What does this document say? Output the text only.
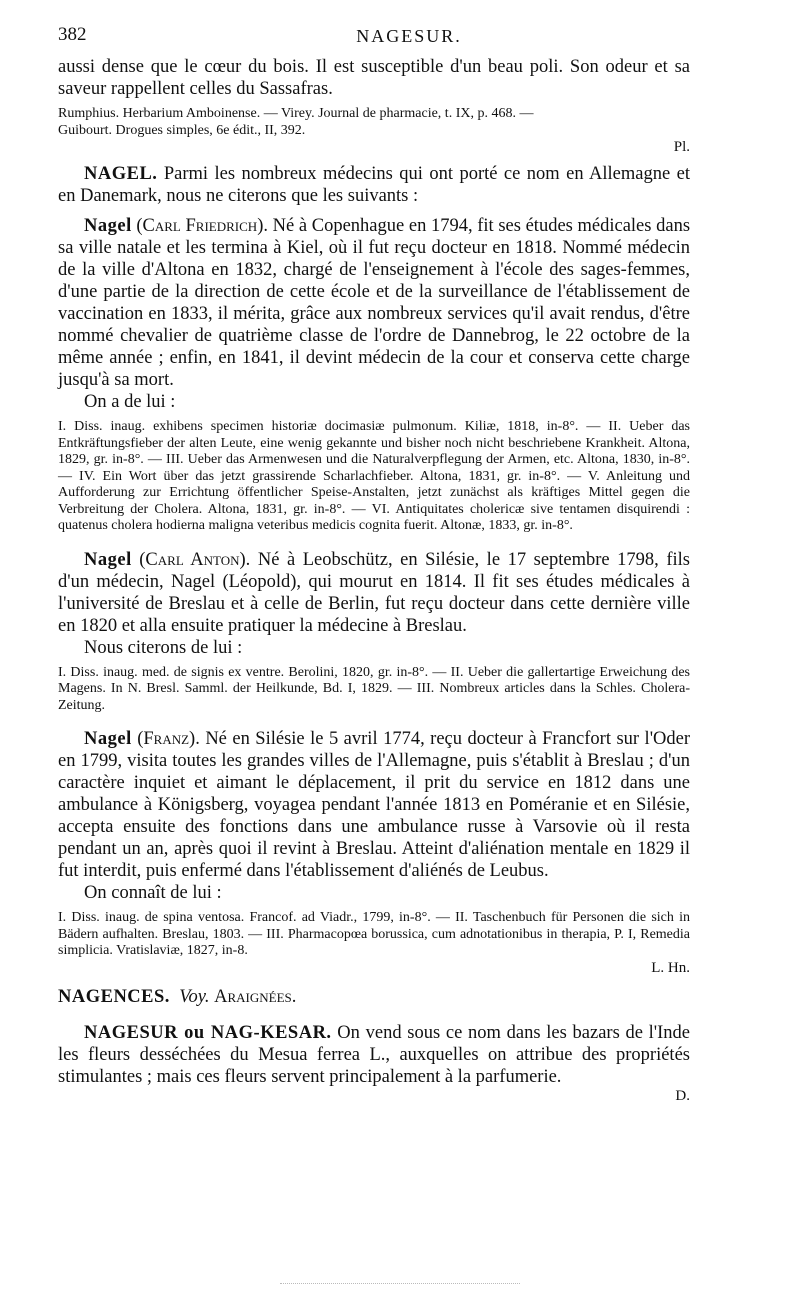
382	NAGESUR.

aussi dense que le cœur du bois. Il est susceptible d'un beau poli. Son odeur et sa saveur rappellent celles du Sassafras.

Rumphius. Herbarium Amboinense. — Virey. Journal de pharmacie, t. IX, p. 468. —

Guibourt. Drogues simples, 6e édit., II, 392.

Pl.

NAGEL. Parmi les nombreux médecins qui ont porté ce nom en Allemagne et en Danemark, nous ne citerons que les suivants :

Nagel (Carl Friedrich). Né à Copenhague en 1794, fit ses études médicales dans sa ville natale et les termina à Kiel, où il fut reçu docteur en 1818. Nommé médecin de la ville d'Altona en 1832, chargé de l'enseignement à l'école des sages-femmes, d'une partie de la direction de cette école et de la surveillance de l'établissement de vaccination en 1833, il mérita, grâce aux nombreux services qu'il avait rendus, d'être nommé chevalier de quatrième classe de l'ordre de Dannebrog, le 22 octobre de la même année ; enfin, en 1841, il devint médecin de la cour et conserva cette charge jusqu'à sa mort.

On a de lui :

I. Diss. inaug. exhibens specimen historiæ docimasiæ pulmonum. Kiliæ, 1818, in-8°. — II. Ueber das Entkräftungsfieber der alten Leute, eine wenig gekannte und bisher noch nicht beschriebene Krankheit. Altona, 1829, gr. in-8°. — III. Ueber das Armenwesen und die Naturalverpflegung der Armen, etc. Altona, 1830, in-8°. — IV. Ein Wort über das jetzt grassirende Scharlachfieber. Altona, 1831, gr. in-8°. — V. Anleitung und Aufforderung zur Errichtung öffentlicher Speise-Anstalten, jetzt zunächst als kräftiges Mittel gegen die Verbreitung der Cholera. Altona, 1831, gr. in-8°. — VI. Antiquitates cholericæ sive tentamen disquirendi : quatenus cholera hodierna maligna veteribus medicis cognita fuerit. Altonæ, 1833, gr. in-8°.

Nagel (Carl Anton). Né à Leobschütz, en Silésie, le 17 septembre 1798, fils d'un médecin, Nagel (Léopold), qui mourut en 1814. Il fit ses études médicales à l'université de Breslau et à celle de Berlin, fut reçu docteur dans cette dernière ville en 1820 et alla ensuite pratiquer la médecine à Breslau.

Nous citerons de lui :

I. Diss. inaug. med. de signis ex ventre. Berolini, 1820, gr. in-8°. — II. Ueber die gallertartige Erweichung des Magens. In N. Bresl. Samml. der Heilkunde, Bd. I, 1829. — III. Nombreux articles dans la Schles. Cholera-Zeitung.

Nagel (Franz). Né en Silésie le 5 avril 1774, reçu docteur à Francfort sur l'Oder en 1799, visita toutes les grandes villes de l'Allemagne, puis s'établit à Breslau ; d'un caractère inquiet et aimant le déplacement, il prit du service en 1812 dans une ambulance à Königsberg, voyagea pendant l'année 1813 en Poméranie et en Silésie, accepta ensuite des fonctions dans une ambulance russe à Varsovie où il resta pendant un an, après quoi il revint à Breslau. Atteint d'aliénation mentale en 1829 il fut interdit, puis enfermé dans l'établissement d'aliénés de Leubus.

On connaît de lui :

I. Diss. inaug. de spina ventosa. Francof. ad Viadr., 1799, in-8°. — II. Taschenbuch für Personen die sich in Bädern aufhalten. Breslau, 1803. — III. Pharmacopœa borussica, cum adnotationibus in therapia, P. I, Remedia simplicia. Vratislaviæ, 1827, in-8.

L. Hn.

NAGENCES. Voy. Araignées.

NAGESUR ou NAG-KESAR. On vend sous ce nom dans les bazars de l'Inde les fleurs desséchées du Mesua ferrea L., auxquelles on attribue des propriétés stimulantes ; mais ces fleurs servent principalement à la parfumerie.

D.
